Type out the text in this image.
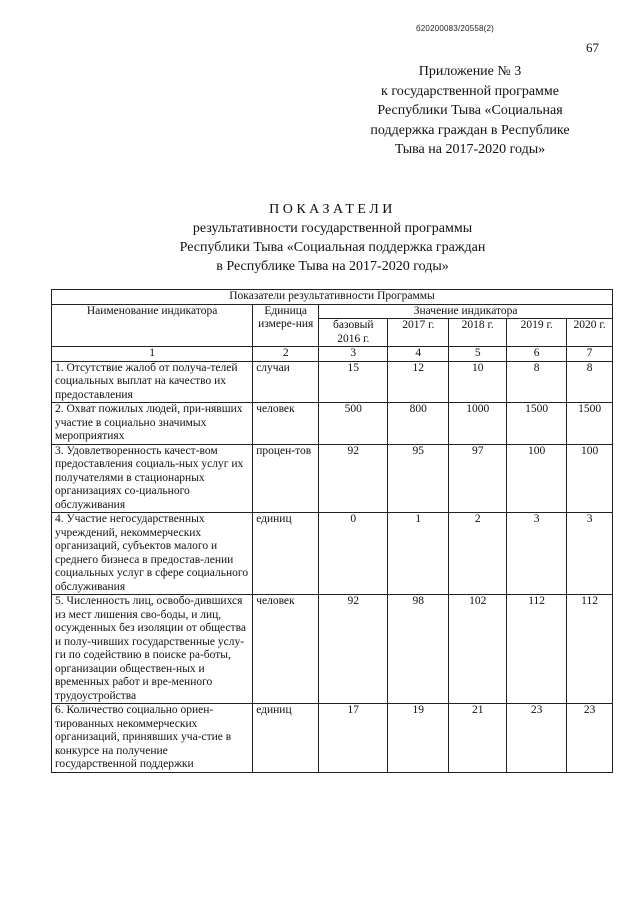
б20200083/20558(2)
67
Приложение № 3
к государственной программе
Республики Тыва «Социальная
поддержка граждан в Республике
Тыва на 2017-2020 годы»
ПОКАЗАТЕЛИ
результативности государственной программы
Республики Тыва «Социальная поддержка граждан
в Республике Тыва на 2017-2020 годы»
Показатели результативности Программы						
Наименование индикатора	Единица измере-ния	Значение индикатора				
		базовый 2016 г.	2017 г.	2018 г.	2019 г.	2020 г.
1	2	3	4	5	6	7
1. Отсутствие жалоб от получа-телей социальных выплат на качество их предоставления	случаи	15	12	10	8	8
2. Охват пожилых людей, при-нявших участие в социально значимых мероприятиях	человек	500	800	1000	1500	1500
3. Удовлетворенность качест-вом предоставления социаль-ных услуг их получателями в стационарных организациях со-циального обслуживания	процен-тов	92	95	97	100	100
4. Участие негосударственных учреждений, некоммерческих организаций, субъектов малого и среднего бизнеса в предостав-лении социальных услуг в сфере социального обслуживания	единиц	0	1	2	3	3
5. Численность лиц, освобо-дившихся из мест лишения сво-боды, и лиц, осужденных без изоляции от общества и полу-чивших государственные услу-ги по содействию в поиске ра-боты, организации обществен-ных и временных работ и вре-менного трудоустройства	человек	92	98	102	112	112
6. Количество социально ориен-тированных некоммерческих организаций, принявших уча-стие в конкурсе на получение государственной поддержки	единиц	17	19	21	23	23
